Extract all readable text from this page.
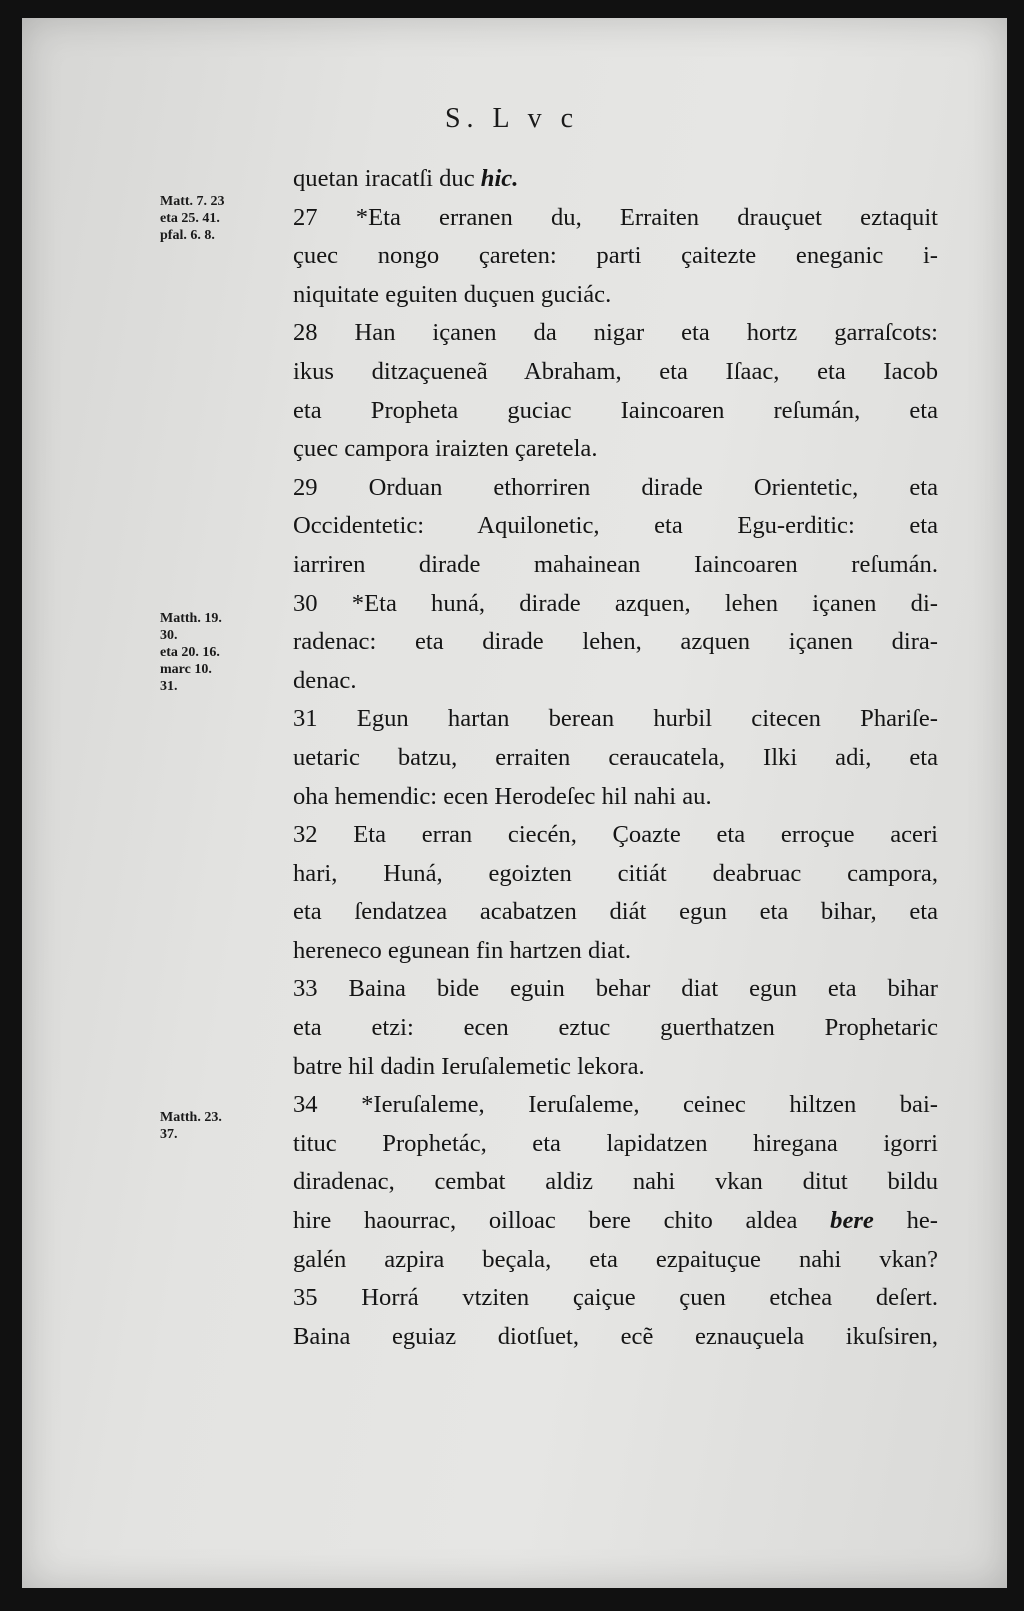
S. L v c
Matt. 7. 23
eta 25. 41.
pfal. 6. 8.
Matth. 19.
30.
eta 20. 16.
marc 10.
31.
Matth. 23.
37.
quetan iracatſi duc hic.
27 *Eta erranen du, Erraiten drauçuet eztaquit
çuec nongo çareten: parti çaitezte eneganic i-
niquitate eguiten duçuen guciác.
28 Han içanen da nigar eta hortz garraſcots:
ikus ditzaçueneã Abraham, eta Iſaac, eta Iacob
eta Propheta guciac Iaincoaren reſumán, eta
çuec campora iraizten çaretela.
29 Orduan ethorriren dirade Orientetic, eta
Occidentetic: Aquilonetic, eta Egu-erditic: eta
iarriren dirade mahainean Iaincoaren reſumán.
30 *Eta huná, dirade azquen, lehen içanen di-
radenac: eta dirade lehen, azquen içanen dira-
denac.
31 Egun hartan berean hurbil citecen Phariſe-
uetaric batzu, erraiten ceraucatela, Ilki adi, eta
oha hemendic: ecen Herodeſec hil nahi au.
32 Eta erran ciecén, Çoazte eta erroçue aceri
hari, Huná, egoizten citiát deabruac campora,
eta ſendatzea acabatzen diát egun eta bihar, eta
hereneco egunean fin hartzen diat.
33 Baina bide eguin behar diat egun eta bihar
eta etzi: ecen eztuc guerthatzen Prophetaric
batre hil dadin Ieruſalemetic lekora.
34 *Ieruſaleme, Ieruſaleme, ceinec hiltzen bai-
tituc Prophetác, eta lapidatzen hiregana igorri
diradenac, cembat aldiz nahi vkan ditut bildu
hire haourrac, oilloac bere chito aldea bere he-
galén azpira beçala, eta ezpaituçue nahi vkan?
35 Horrá vtziten çaiçue çuen etchea deſert.
Baina eguiaz diotſuet, ecẽ eznauçuela ikuſsiren,
